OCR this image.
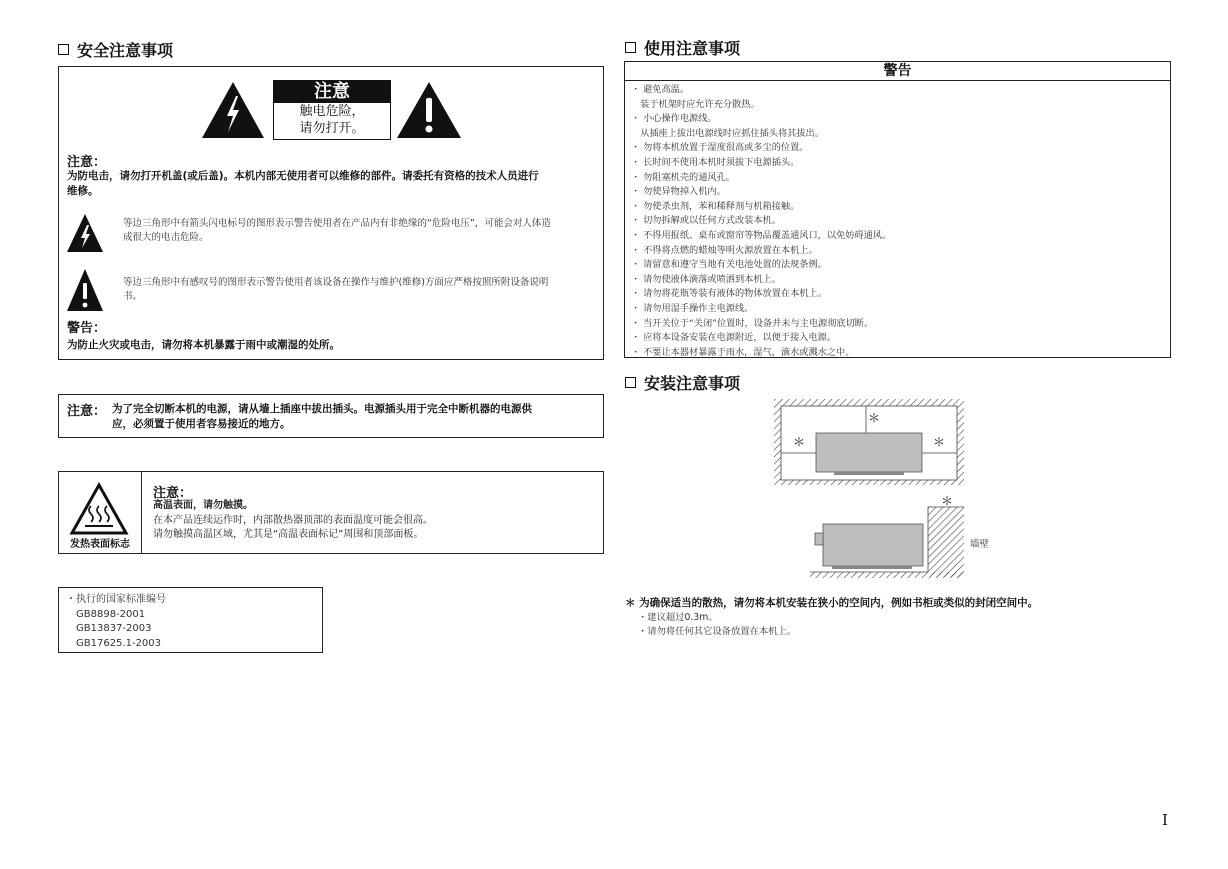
安全注意事项
注意
触电危险，
请勿打开。
注意：
为防电击，请勿打开机盖(或后盖)。本机内部无使用者可以维修的部件。请委托有资格的技术人员进行
维修。
等边三角形中有箭头闪电标号的图形表示警告使用者在产品内有非绝缘的“危险电压”，可能会对人体造
成很大的电击危险。
等边三角形中有感叹号的图形表示警告使用者该设备在操作与维护(维修)方面应严格按照所附设备说明
书。
警告：
为防止火灾或电击，请勿将本机暴露于雨中或潮湿的处所。
注意： 为了完全切断本机的电源，请从墙上插座中拔出插头。电源插头用于完全中断机器的电源供
应，必须置于使用者容易接近的地方。
发热表面标志
注意：
高温表面，请勿触摸。
在本产品连续运作时，内部散热器顶部的表面温度可能会很高。
请勿触摸高温区域，尤其是“高温表面标记”周围和顶部面板。
・执行的国家标准编号
GB8898-2001
GB13837-2003
GB17625.1-2003
使用注意事项
警告
・ 避免高温。
　装于机架时应允许充分散热。
・ 小心操作电源线。
　从插座上拔出电源线时应抓住插头将其拔出。
・ 勿将本机放置于湿度很高或多尘的位置。
・ 长时间不使用本机时须拔下电源插头。
・ 勿阻塞机壳的通风孔。
・ 勿使异物掉入机内。
・ 勿使杀虫剂，苯和稀释剂与机箱接触。
・ 切勿拆解或以任何方式改装本机。
・ 不得用报纸、桌布或窗帘等物品覆盖通风口，以免妨碍通风。
・ 不得将点燃的蜡烛等明火源放置在本机上。
・ 请留意和遵守当地有关电池处置的法规条例。
・ 请勿使液体滴落或喷洒到本机上。
・ 请勿将花瓶等装有液体的物体放置在本机上。
・ 请勿用湿手操作主电源线。
・ 当开关位于“关闭”位置时，设备并未与主电源彻底切断。
・ 应将本设备安装在电源附近，以便于接入电源。
・ 不要让本器材暴露于雨水，湿气，滴水或溅水之中。
安装注意事项
＊
＊	＊
＊
墙壁
＊ 为确保适当的散热，请勿将本机安装在狭小的空间内，例如书柜或类似的封闭空间中。
・建议超过0.3m。
・请勿将任何其它设备放置在本机上。
I
